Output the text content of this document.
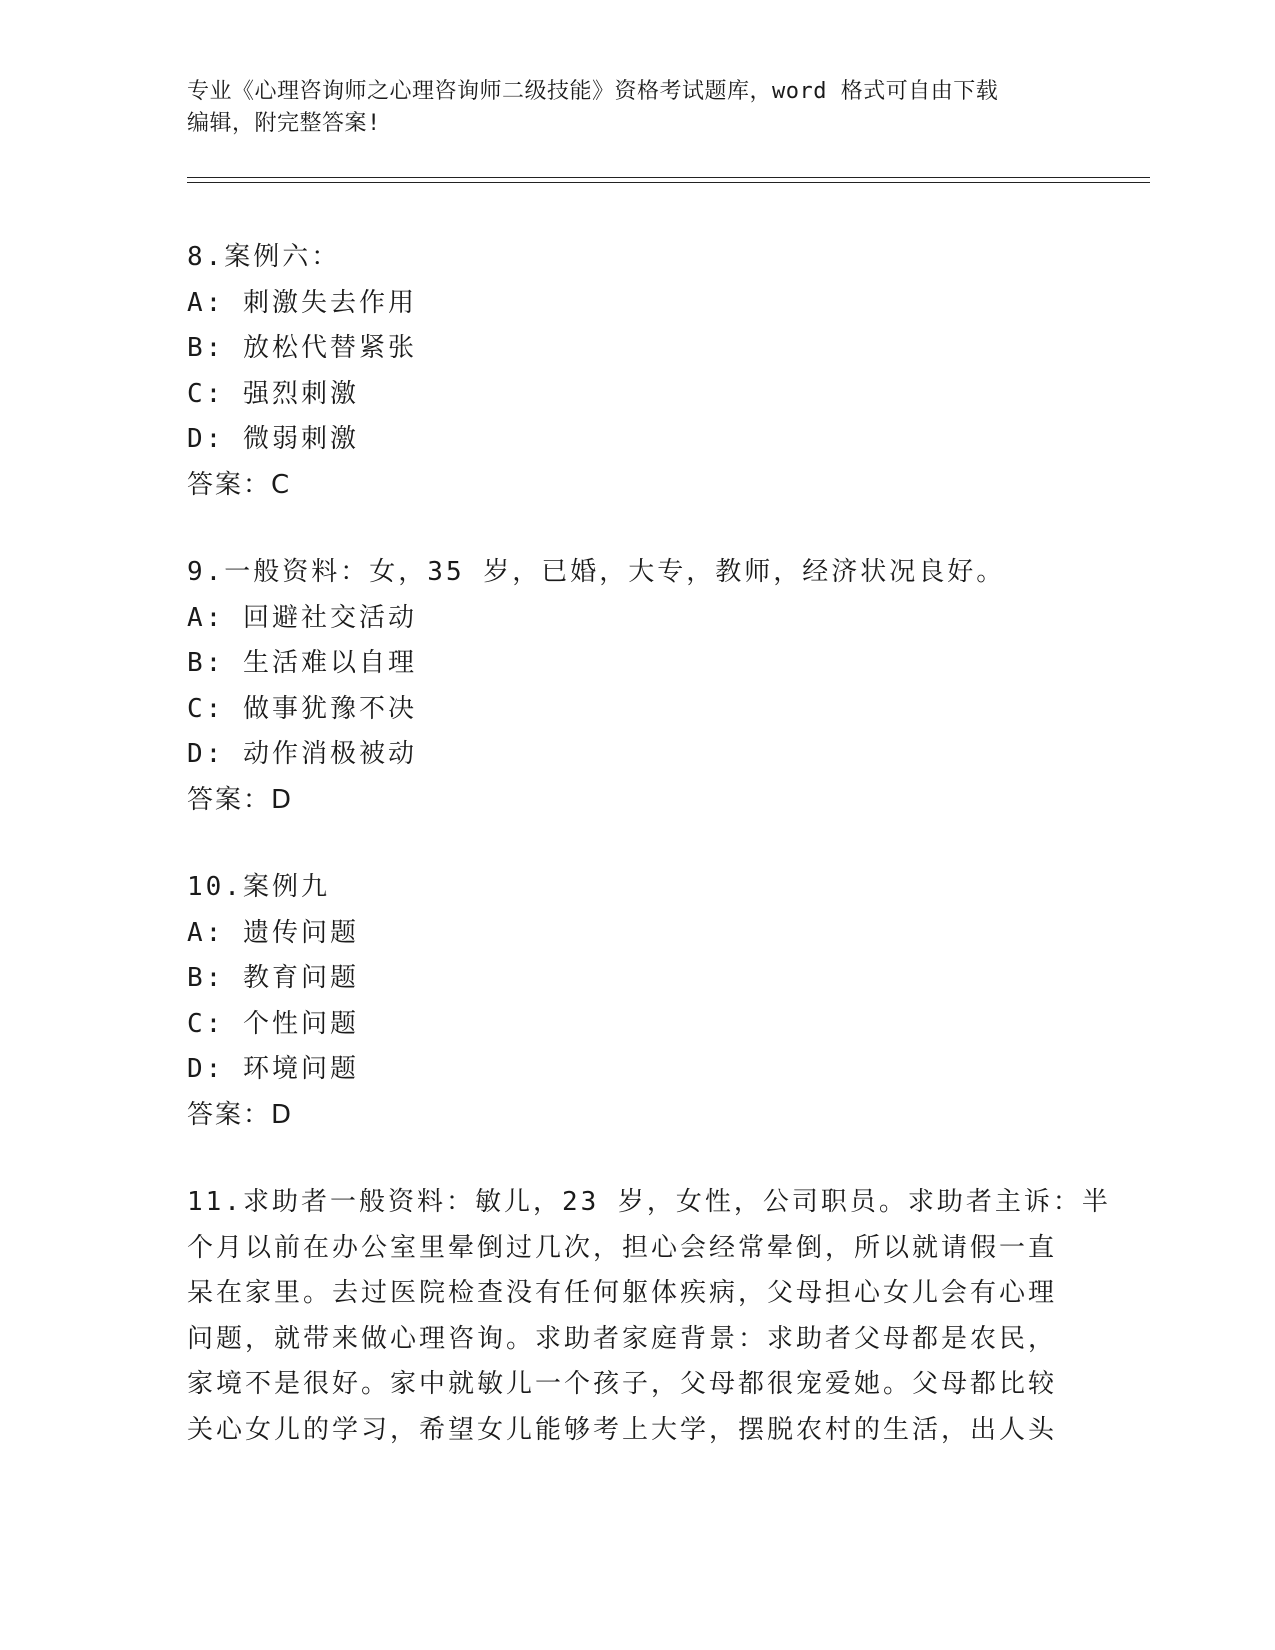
专业《心理咨询师之心理咨询师二级技能》资格考试题库，word 格式可自由下载
编辑，附完整答案!
8.案例六：
A: 刺激失去作用
B: 放松代替紧张
C: 强烈刺激
D: 微弱刺激
答案：C
9.一般资料：女，35 岁，已婚，大专，教师，经济状况良好。
A: 回避社交活动
B: 生活难以自理
C: 做事犹豫不决
D: 动作消极被动
答案：D
10.案例九
A: 遗传问题
B: 教育问题
C: 个性问题
D: 环境问题
答案：D
11.求助者一般资料：敏儿，23 岁，女性，公司职员。求助者主诉：半
个月以前在办公室里晕倒过几次，担心会经常晕倒，所以就请假一直
呆在家里。去过医院检查没有任何躯体疾病，父母担心女儿会有心理
问题，就带来做心理咨询。求助者家庭背景：求助者父母都是农民，
家境不是很好。家中就敏儿一个孩子，父母都很宠爱她。父母都比较
关心女儿的学习，希望女儿能够考上大学，摆脱农村的生活，出人头
